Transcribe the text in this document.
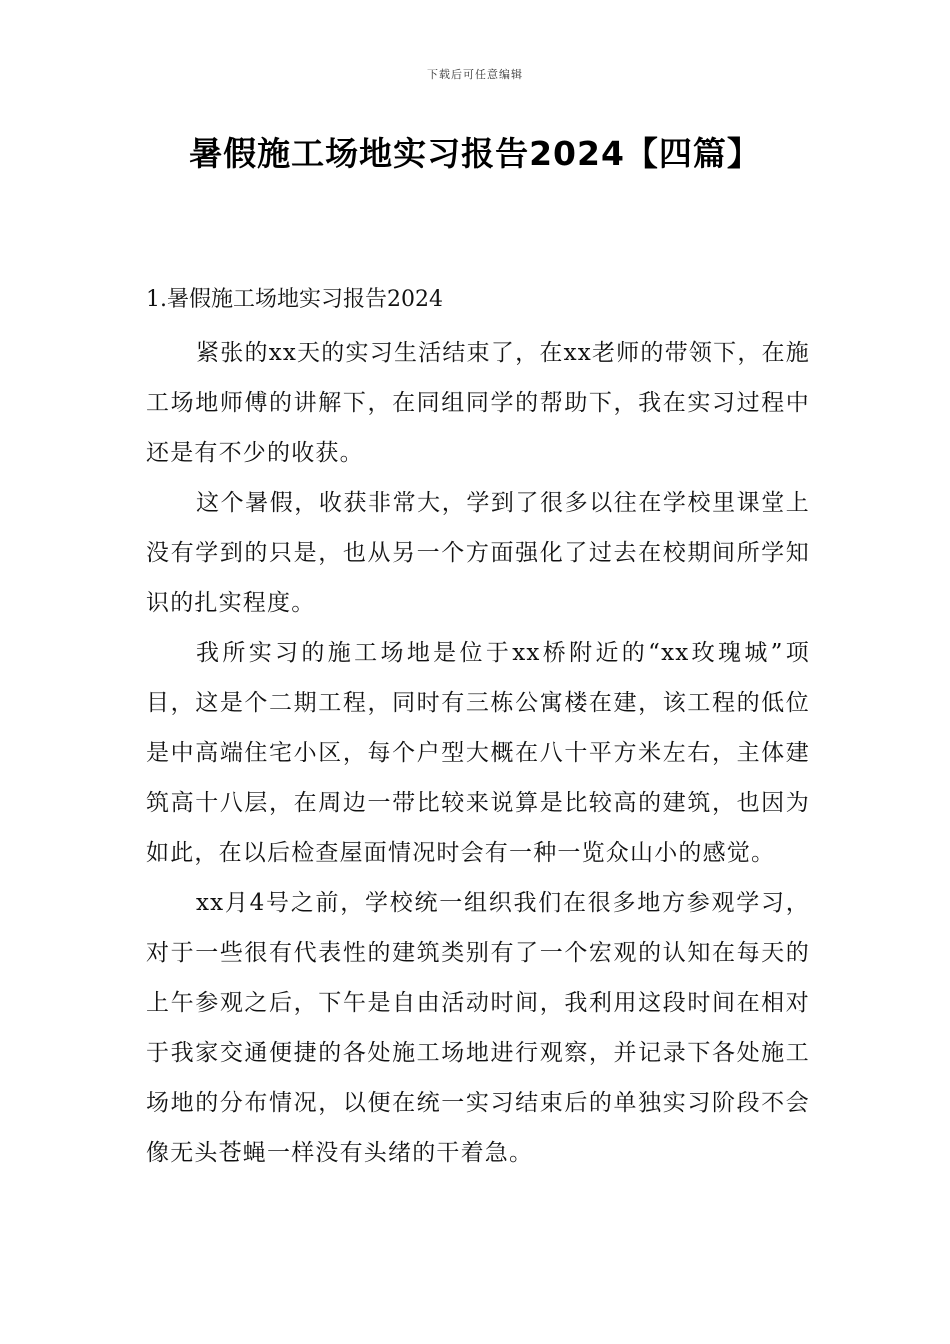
下载后可任意编辑
暑假施工场地实习报告2024【四篇】

1.暑假施工场地实习报告2024

紧张的xx天的实习生活结束了，在xx老师的带领下，在施工场地师傅的讲解下，在同组同学的帮助下，我在实习过程中还是有不少的收获。

这个暑假，收获非常大，学到了很多以往在学校里课堂上没有学到的只是，也从另一个方面强化了过去在校期间所学知识的扎实程度。

我所实习的施工场地是位于xx桥附近的“xx玫瑰城”项目，这是个二期工程，同时有三栋公寓楼在建，该工程的低位是中高端住宅小区，每个户型大概在八十平方米左右，主体建筑高十八层，在周边一带比较来说算是比较高的建筑，也因为如此，在以后检查屋面情况时会有一种一览众山小的感觉。

xx月4号之前，学校统一组织我们在很多地方参观学习，对于一些很有代表性的建筑类别有了一个宏观的认知在每天的上午参观之后，下午是自由活动时间，我利用这段时间在相对于我家交通便捷的各处施工场地进行观察，并记录下各处施工场地的分布情况，以便在统一实习结束后的单独实习阶段不会像无头苍蝇一样没有头绪的干着急。
